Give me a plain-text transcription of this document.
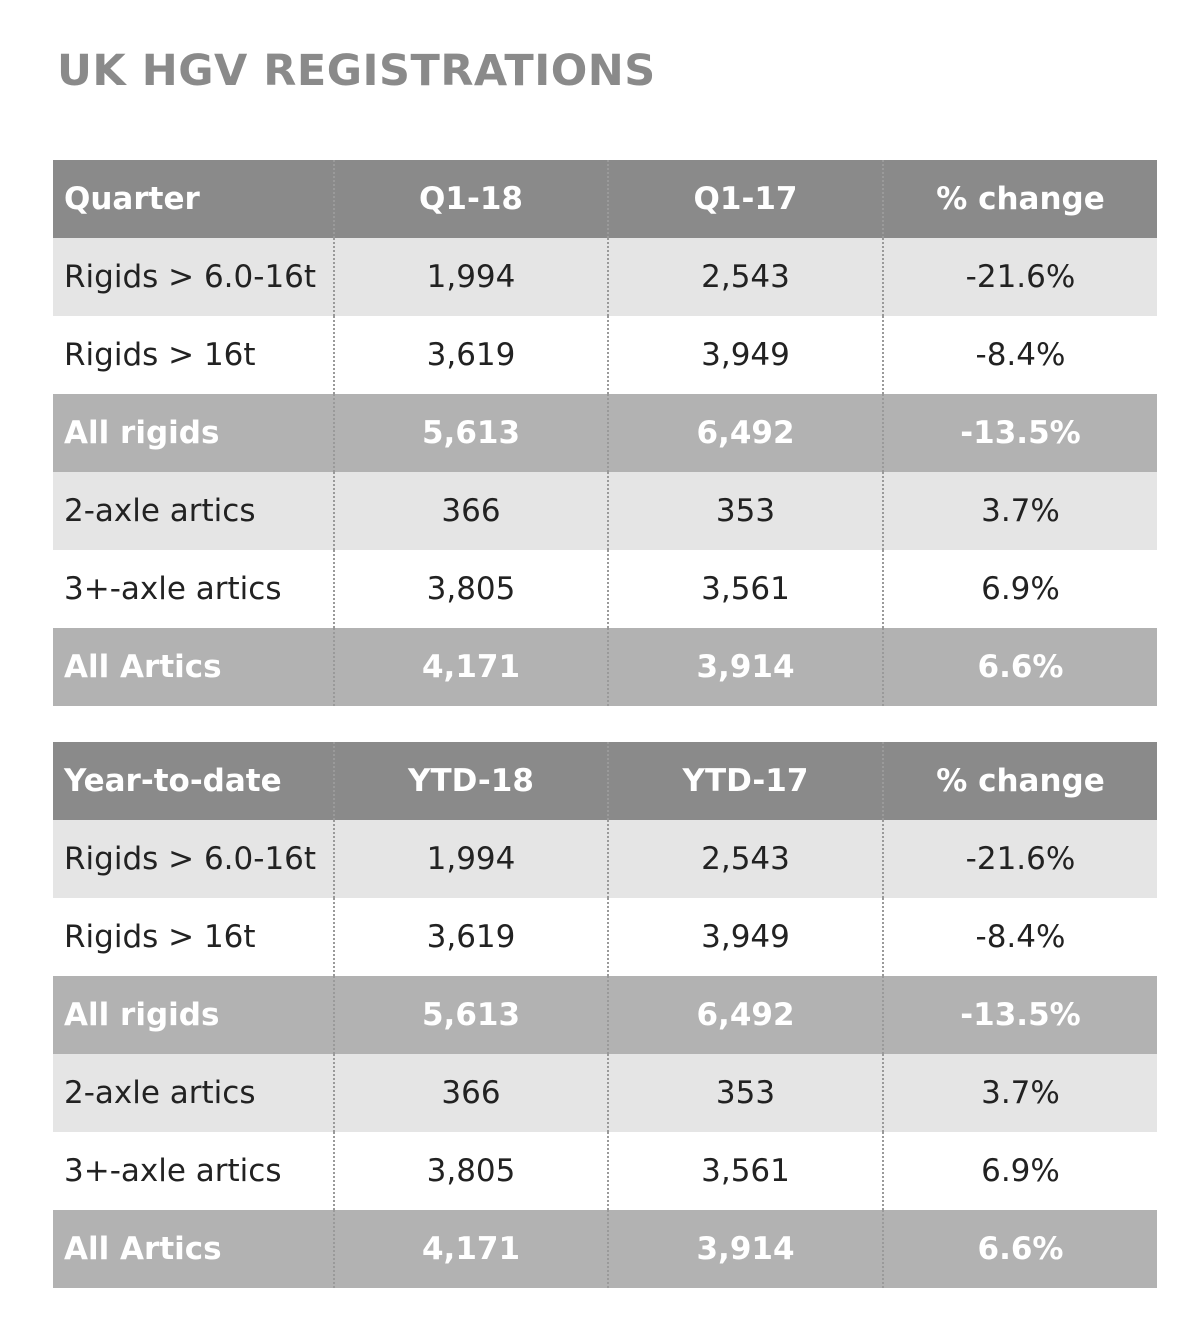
UK HGV REGISTRATIONS
Quarter	Q1-18	Q1-17	% change
Rigids > 6.0-16t	1,994	2,543	-21.6%
Rigids > 16t	3,619	3,949	-8.4%
All rigids	5,613	6,492	-13.5%
2-axle artics	366	353	3.7%
3+-axle artics	3,805	3,561	6.9%
All Artics	4,171	3,914	6.6%
Year-to-date	YTD-18	YTD-17	% change
Rigids > 6.0-16t	1,994	2,543	-21.6%
Rigids > 16t	3,619	3,949	-8.4%
All rigids	5,613	6,492	-13.5%
2-axle artics	366	353	3.7%
3+-axle artics	3,805	3,561	6.9%
All Artics	4,171	3,914	6.6%
